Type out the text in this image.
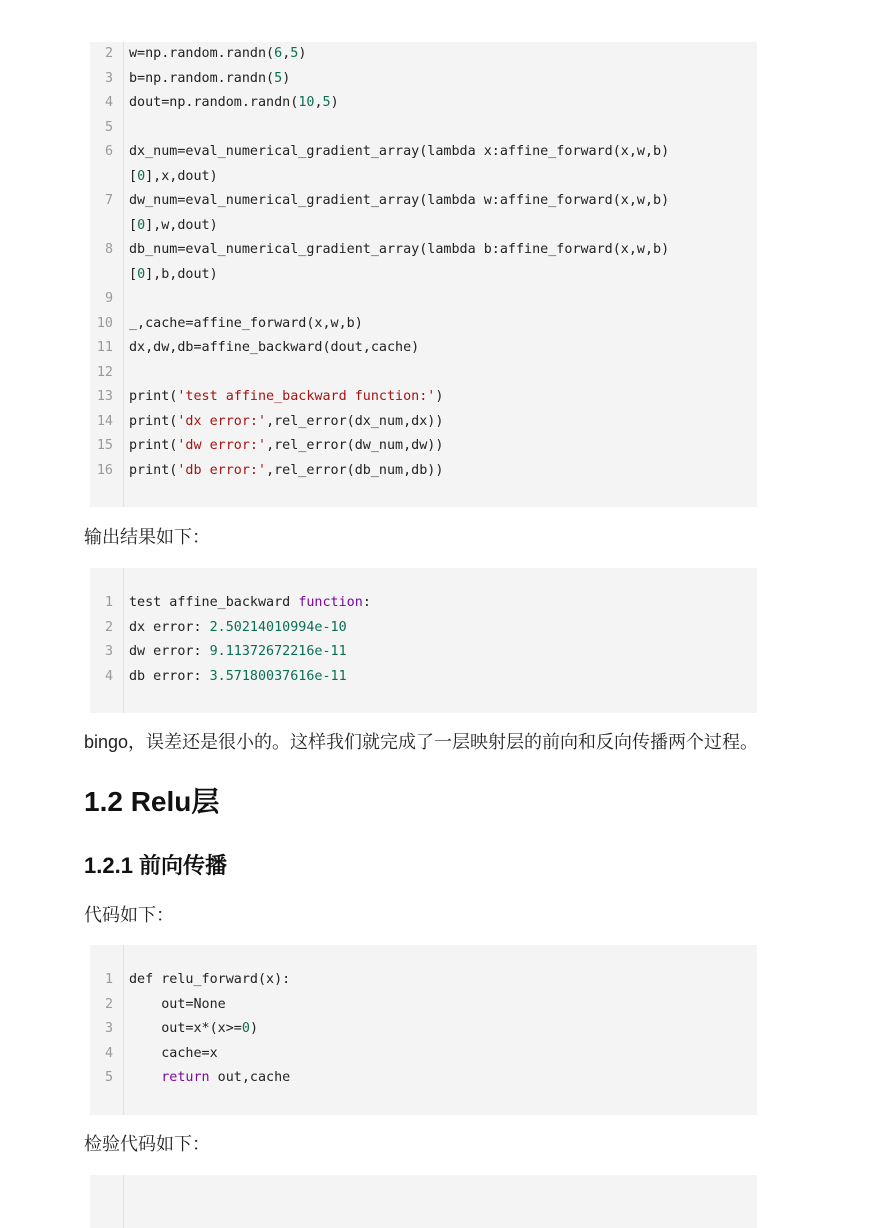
2 w=np.random.randn(6,5)
3 b=np.random.randn(5)
4 dout=np.random.randn(10,5)
5
6 dx_num=eval_numerical_gradient_array(lambda x:affine_forward(x,w,b)
[0],x,dout)
7 dw_num=eval_numerical_gradient_array(lambda w:affine_forward(x,w,b)
[0],w,dout)
8 db_num=eval_numerical_gradient_array(lambda b:affine_forward(x,w,b)
[0],b,dout)
9
10 _,cache=affine_forward(x,w,b)
11 dx,dw,db=affine_backward(dout,cache)
12
13 print('test affine_backward function:')
14 print('dx error:',rel_error(dx_num,dx))
15 print('dw error:',rel_error(dw_num,dw))
16 print('db error:',rel_error(db_num,db))
输出结果如下：
1 test affine_backward function:
2 dx error: 2.50214010994e-10
3 dw error: 9.11372672216e-11
4 db error: 3.57180037616e-11
bingo，误差还是很小的。这样我们就完成了一层映射层的前向和反向传播两个过程。
1.2 Relu层
1.2.1 前向传播
代码如下：
1 def relu_forward(x):
2 out=None
3 out=x*(x>=0)
4 cache=x
5	return out,cache
检验代码如下：
